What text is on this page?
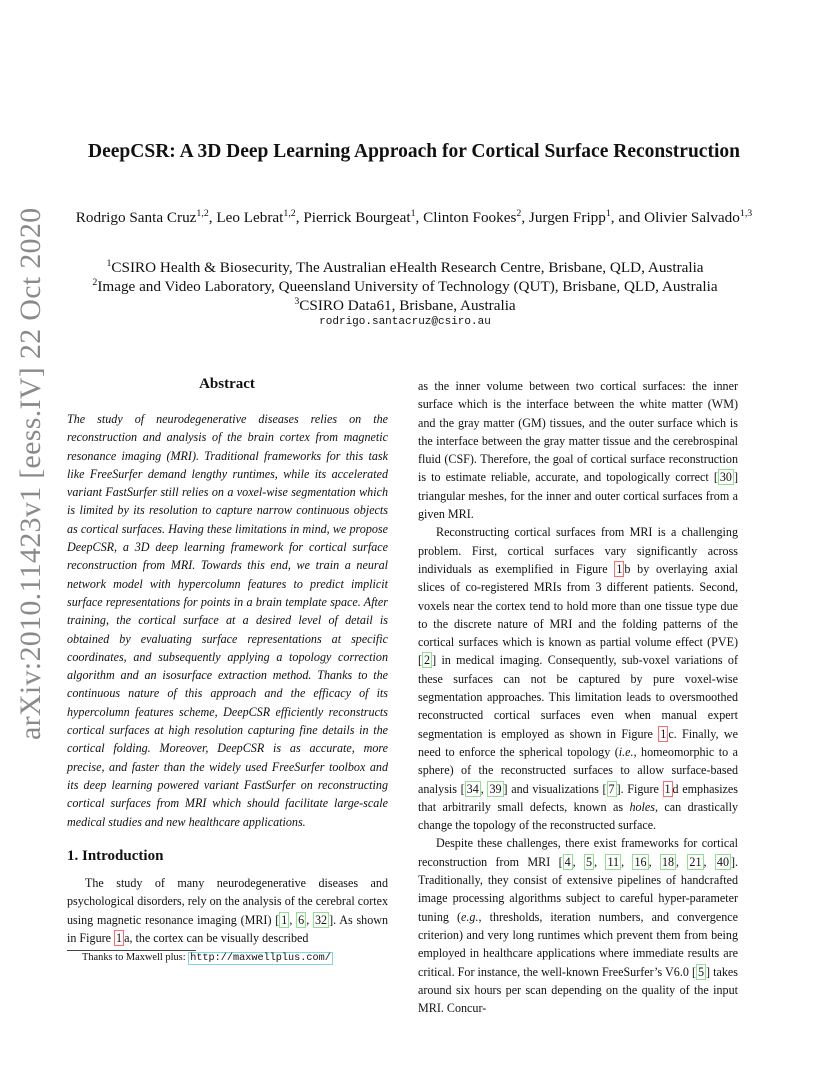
arXiv:2010.11423v1 [eess.IV] 22 Oct 2020
DeepCSR: A 3D Deep Learning Approach for Cortical Surface Reconstruction
Rodrigo Santa Cruz$^{1,2}$, Leo Lebrat$^{1,2}$, Pierrick Bourgeat$^1$, Clinton Fookes$^2$, Jurgen Fripp$^1$, and Olivier Salvado$^{1,3}$
$^1$CSIRO Health & Biosecurity, The Australian eHealth Research Centre, Brisbane, QLD, Australia
$^2$Image and Video Laboratory, Queensland University of Technology (QUT), Brisbane, QLD, Australia
$^3$CSIRO Data61, Brisbane, Australia
rodrigo.santacruz@csiro.au
Abstract
The study of neurodegenerative diseases relies on the reconstruction and analysis of the brain cortex from magnetic resonance imaging (MRI). Traditional frameworks for this task like FreeSurfer demand lengthy runtimes, while its accelerated variant FastSurfer still relies on a voxel-wise segmentation which is limited by its resolution to capture narrow continuous objects as cortical surfaces. Having these limitations in mind, we propose DeepCSR, a 3D deep learning framework for cortical surface reconstruction from MRI. Towards this end, we train a neural network model with hypercolumn features to predict implicit surface representations for points in a brain template space. After training, the cortical surface at a desired level of detail is obtained by evaluating surface representations at specific coordinates, and subsequently applying a topology correction algorithm and an isosurface extraction method. Thanks to the continuous nature of this approach and the efficacy of its hypercolumn features scheme, DeepCSR efficiently reconstructs cortical surfaces at high resolution capturing fine details in the cortical folding. Moreover, DeepCSR is as accurate, more precise, and faster than the widely used FreeSurfer toolbox and its deep learning powered variant FastSurfer on reconstructing cortical surfaces from MRI which should facilitate large-scale medical studies and new healthcare applications.
1. Introduction
The study of many neurodegenerative diseases and psychological disorders, rely on the analysis of the cerebral cortex using magnetic resonance imaging (MRI) [ 1 , 6 , 32 ]. As shown in Figure 1 a, the cortex can be visually described
Thanks to Maxwell plus: http://maxwellplus.com/

as the inner volume between two cortical surfaces: the inner surface which is the interface between the white matter (WM) and the gray matter (GM) tissues, and the outer surface which is the interface between the gray matter tissue and the cerebrospinal fluid (CSF). Therefore, the goal of cortical surface reconstruction is to estimate reliable, accurate, and topologically correct [ 30 ] triangular meshes, for the inner and outer cortical surfaces from a given MRI.

Reconstructing cortical surfaces from MRI is a challenging problem. First, cortical surfaces vary significantly across individuals as exemplified in Figure 1 b by overlaying axial slices of co-registered MRIs from 3 different patients. Second, voxels near the cortex tend to hold more than one tissue type due to the discrete nature of MRI and the folding patterns of the cortical surfaces which is known as partial volume effect (PVE) [ 2 ] in medical imaging. Consequently, sub-voxel variations of these surfaces can not be captured by pure voxel-wise segmentation approaches. This limitation leads to oversmoothed reconstructed cortical surfaces even when manual expert segmentation is employed as shown in Figure 1 c. Finally, we need to enforce the spherical topology (i.e., homeomorphic to a sphere) of the reconstructed surfaces to allow surface-based analysis [ 34 , 39 ] and visualizations [ 7 ]. Figure 1 d emphasizes that arbitrarily small defects, known as holes, can drastically change the topology of the reconstructed surface.

Despite these challenges, there exist frameworks for cortical reconstruction from MRI [ 4 , 5 , 11 , 16 , 18 , 21 , 40 ]. Traditionally, they consist of extensive pipelines of handcrafted image processing algorithms subject to careful hyper-parameter tuning (e.g., thresholds, iteration numbers, and convergence criterion) and very long runtimes which prevent them from being employed in healthcare applications where immediate results are critical. For instance, the well-known FreeSurfer’s V6.0 [ 5 ] takes around six hours per scan depending on the quality of the input MRI. Concur-
